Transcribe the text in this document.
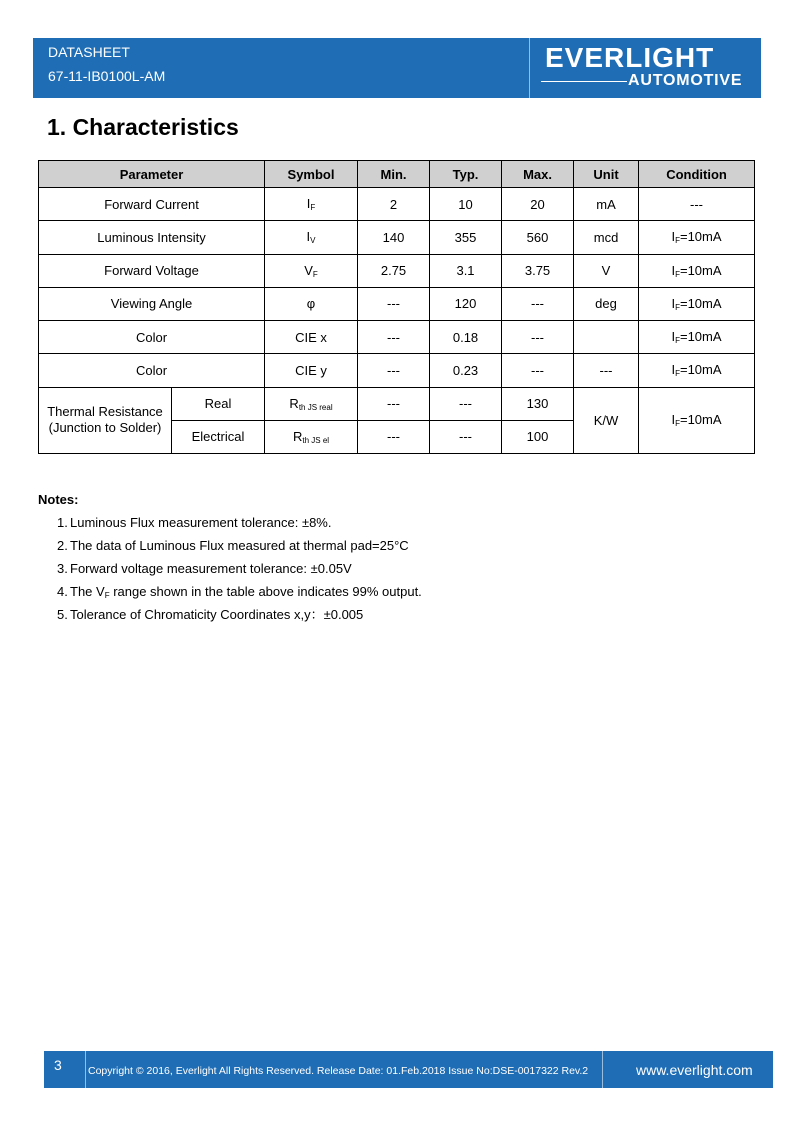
DATASHEET
67-11-IB0100L-AM
EVERLIGHT
AUTOMOTIVE
1. Characteristics
Parameter		Symbol	Min.	Typ.	Max.	Unit	Condition
Forward Current		$I_F$	2	10	20	mA	---
Luminous Intensity		$I_V$	140	355	560	mcd	$I_F=10mA$
Forward Voltage		$V_F$	2.75	3.1	3.75	V	$I_F=10mA$
Viewing Angle		φ	---	120	---	deg	$I_F=10mA$
Color		CIE x	---	0.18	---		$I_F=10mA$
Color		CIE y	---	0.23	---	---	$I_F=10mA$

Thermal Resistance
(Junction to Solder)	Real	$R_{th JS real}$	---	---	130	K/W	$I_F=10mA$
	Electrical	$R_{th JS el}$	---	---	100		
Notes:
1. Luminous Flux measurement tolerance: ±8%.
2. The data of Luminous Flux measured at thermal pad=25°C
3. Forward voltage measurement tolerance: ±0.05V
4. The $V_F$ range shown in the table above indicates 99% output.
5. Tolerance of Chromaticity Coordinates x,y：±0.005
3 Copyright © 2016, Everlight All Rights Reserved. Release Date: 01.Feb.2018 Issue No:DSE-0017322 Rev.2	www.everlight.com
